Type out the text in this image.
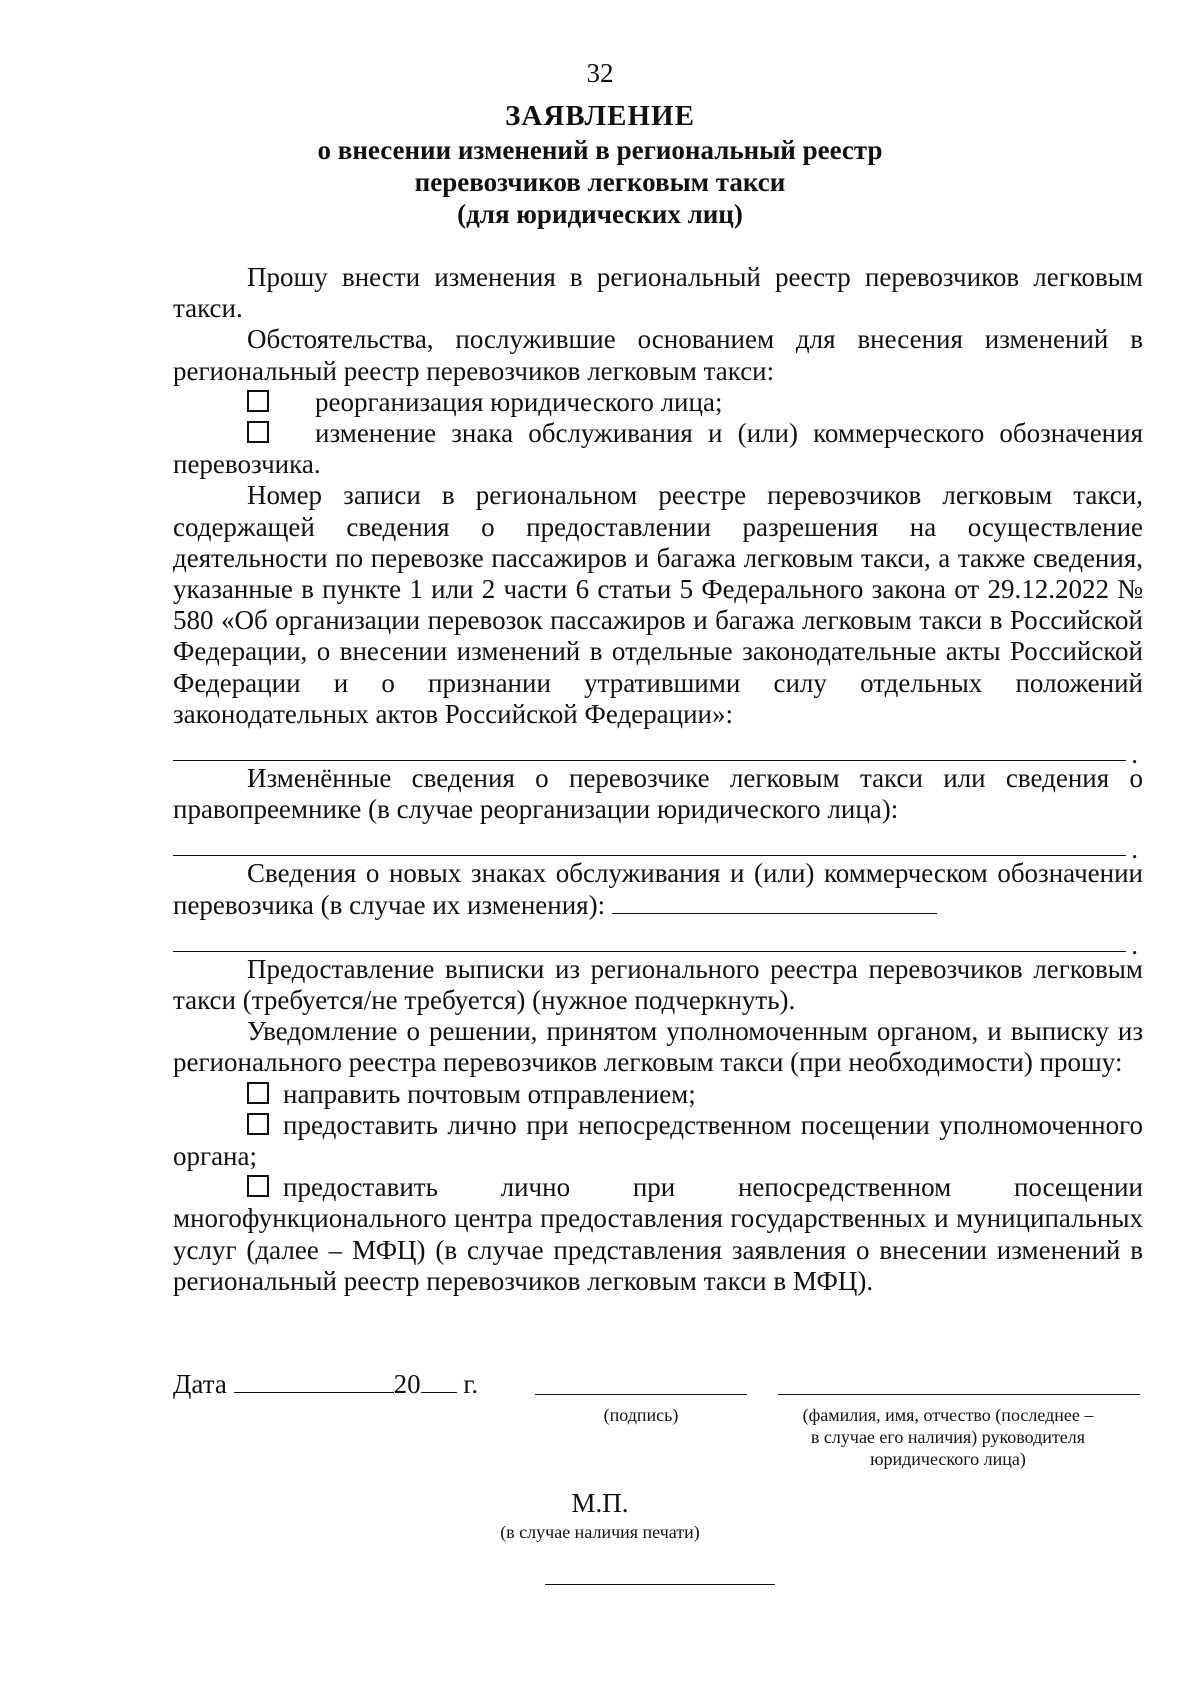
32
ЗАЯВЛЕНИЕ
о внесении изменений в региональный реестр
перевозчиков легковым такси
(для юридических лиц)

Прошу внести изменения в региональный реестр перевозчиков легковым такси.

Обстоятельства, послужившие основанием для внесения изменений в региональный реестр перевозчиков легковым такси:

реорганизация юридического лица;

изменение знака обслуживания и (или) коммерческого обозначения перевозчика.

Номер записи в региональном реестре перевозчиков легковым такси, содержащей сведения о предоставлении разрешения на осуществление деятельности по перевозке пассажиров и багажа легковым такси, а также сведения, указанные в пункте 1 или 2 части 6 статьи 5 Федерального закона от 29.12.2022 № 580 «Об организации перевозок пассажиров и багажа легковым такси в Российской Федерации, о внесении изменений в отдельные законодательные акты Российской Федерации и о признании утратившими силу отдельных положений законодательных актов Российской Федерации»:

.

Изменённые сведения о перевозчике легковым такси или сведения о правопреемнике (в случае реорганизации юридического лица):

.

Сведения о новых знаках обслуживания и (или) коммерческом обозначении перевозчика (в случае их изменения):

.

Предоставление выписки из регионального реестра перевозчиков легковым такси (требуется/не требуется) (нужное подчеркнуть).

Уведомление о решении, принятом уполномоченным органом, и выписку из регионального реестра перевозчиков легковым такси (при необходимости) прошу:

направить почтовым отправлением;

предоставить лично при непосредственном посещении уполномоченного органа;

предоставить лично при непосредственном посещении многофункционального центра предоставления государственных и муниципальных услуг (далее – МФЦ) (в случае представления заявления о внесении изменений в региональный реестр перевозчиков легковым такси в МФЦ).

Дата	20 г.
(подпись)	(фамилия, имя, отчество (последнее –
в случае его наличия) руководителя
юридического лица)
М.П.
(в случае наличия печати)
